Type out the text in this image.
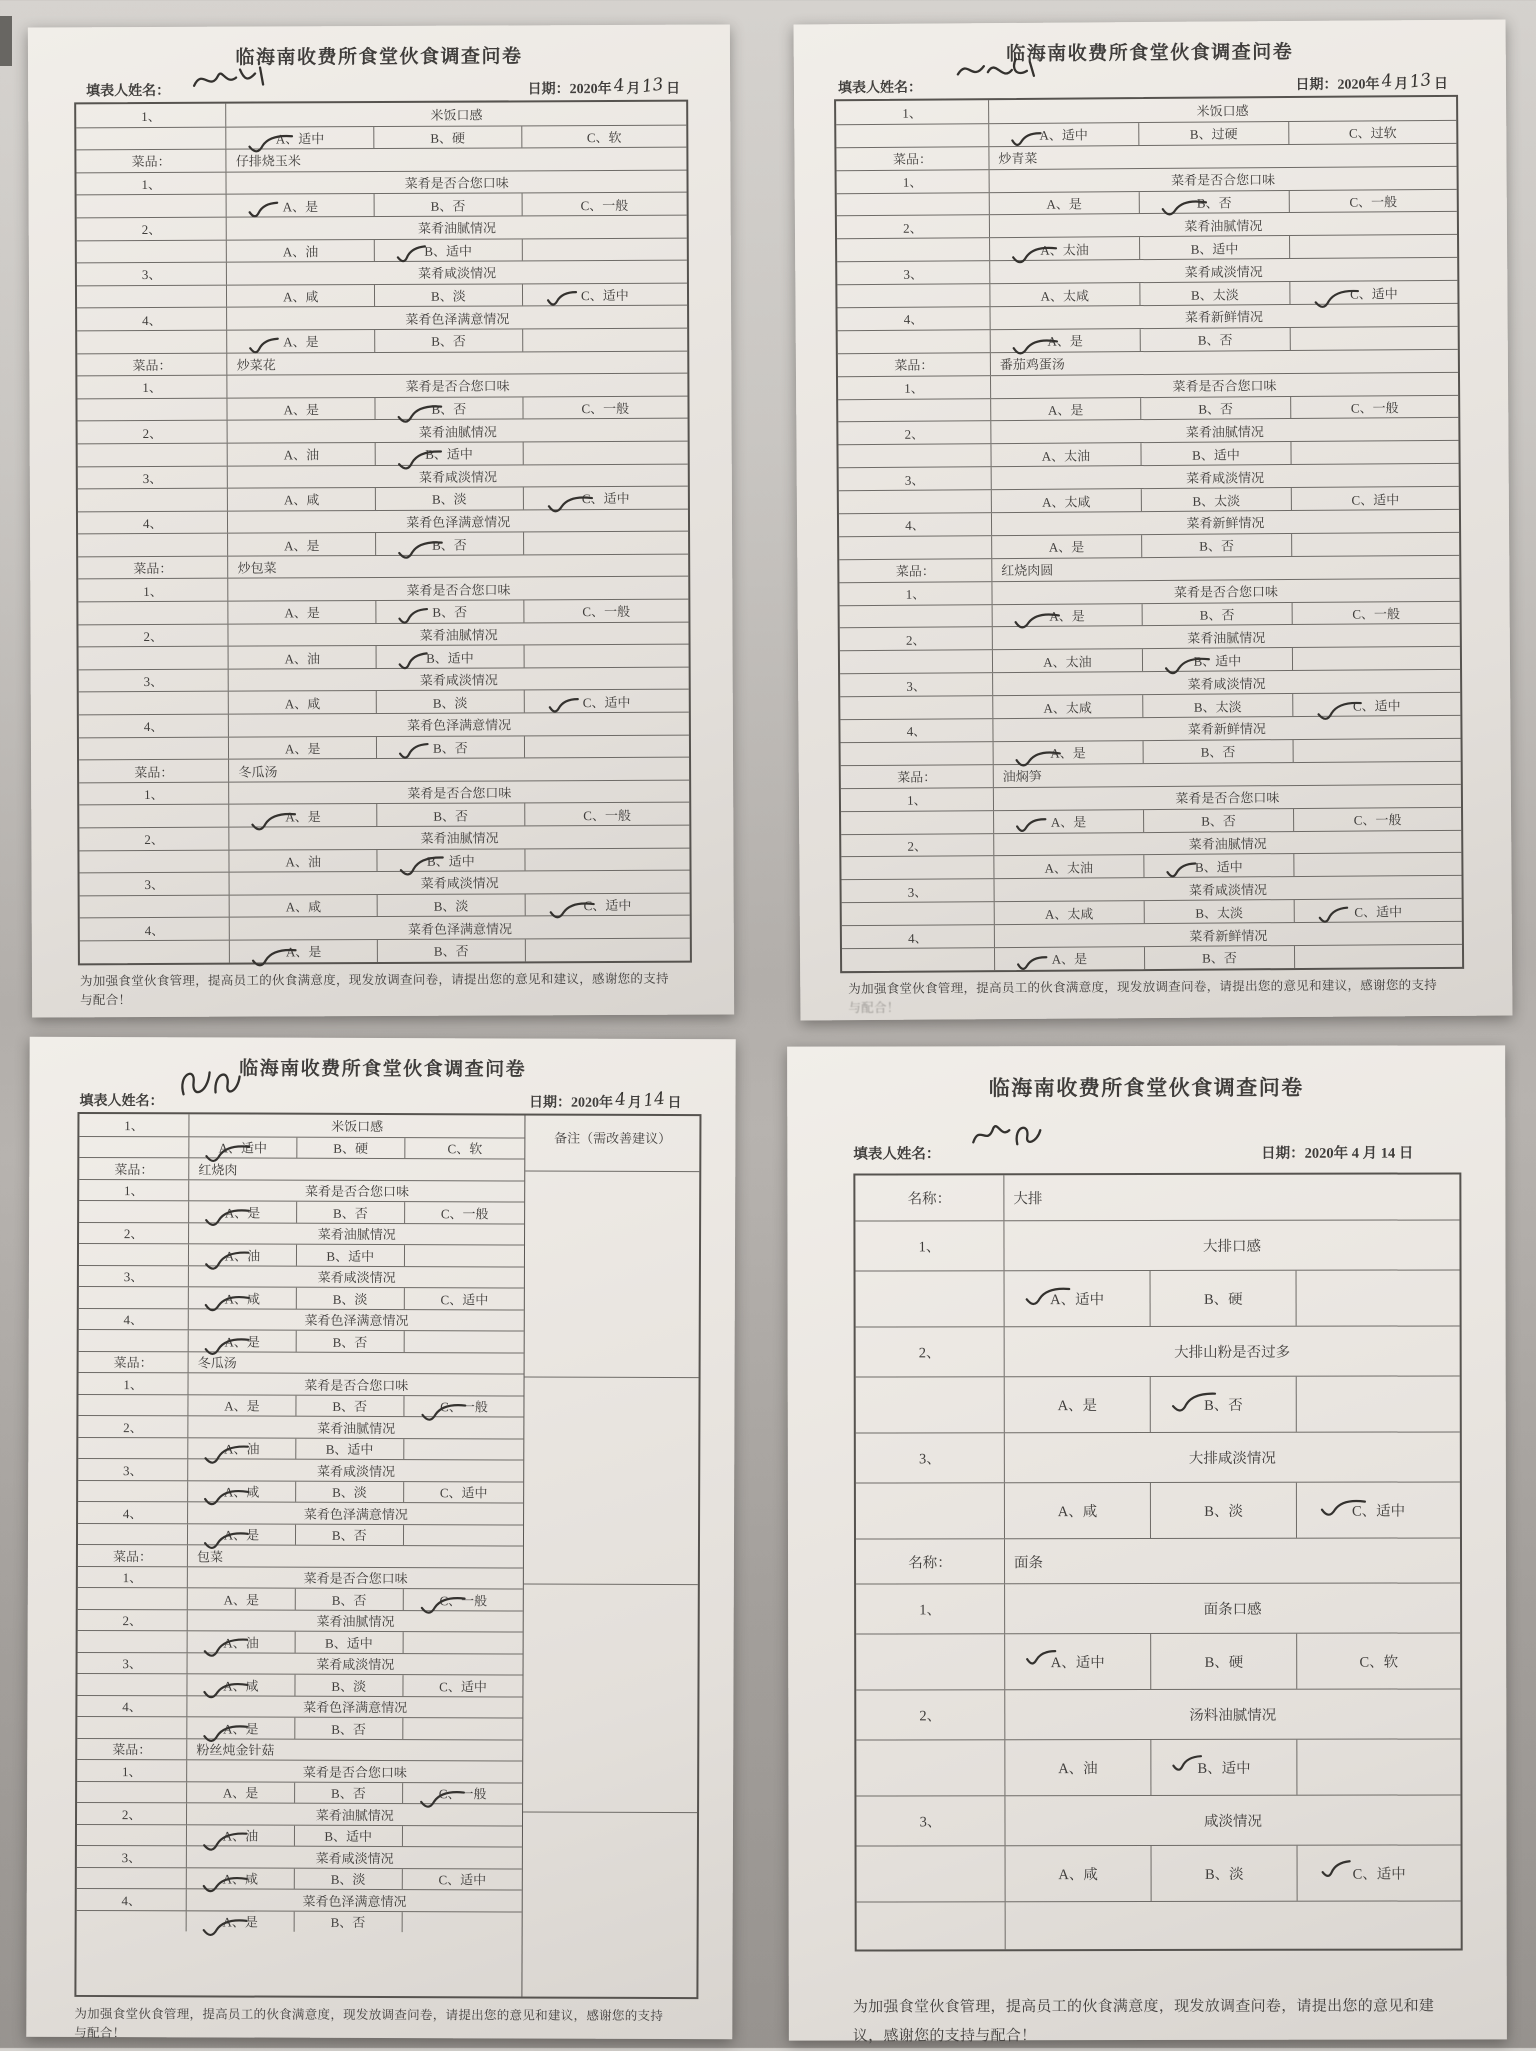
临海南收费所食堂伙食调查问卷
填表人姓名：	日期：2020年4月13日
1、	米饭口感
A、适中	B、硬	C、软
菜品：	仔排烧玉米
1、	菜肴是否合您口味
A、是	B、否	C、一般
2、	菜肴油腻情况
A、油	B、适中
3、	菜肴咸淡情况
A、咸	B、淡	C、适中
4、	菜肴色泽满意情况
A、是	B、否
菜品：	炒菜花
1、	菜肴是否合您口味
A、是	B、否	C、一般
2、	菜肴油腻情况
A、油	B、适中
3、	菜肴咸淡情况
A、咸	B、淡	C、适中
4、	菜肴色泽满意情况
A、是	B、否
菜品：	炒包菜
1、	菜肴是否合您口味
A、是	B、否	C、一般
2、	菜肴油腻情况
A、油	B、适中
3、	菜肴咸淡情况
A、咸	B、淡	C、适中
4、	菜肴色泽满意情况
A、是	B、否
菜品：	冬瓜汤
1、	菜肴是否合您口味
A、是	B、否	C、一般
2、	菜肴油腻情况
A、油	B、适中
3、	菜肴咸淡情况
A、咸	B、淡	C、适中
4、	菜肴色泽满意情况
A、是	B、否

为加强食堂伙食管理，提高员工的伙食满意度，现发放调查问卷，请提出您的意见和建议，感谢您的支持
与配合！

临海南收费所食堂伙食调查问卷
填表人姓名：	日期：2020年4月13日
1、	米饭口感
A、适中	B、过硬	C、过软
菜品：	炒青菜
1、	菜肴是否合您口味
A、是	B、否	C、一般
2、	菜肴油腻情况
A、太油	B、适中
3、	菜肴咸淡情况
A、太咸	B、太淡	C、适中
4、	菜肴新鲜情况
A、是	B、否
菜品：	番茄鸡蛋汤
1、	菜肴是否合您口味
A、是	B、否	C、一般
2、	菜肴油腻情况
A、太油	B、适中
3、	菜肴咸淡情况
A、太咸	B、太淡	C、适中
4、	菜肴新鲜情况
A、是	B、否
菜品：	红烧肉圆
1、	菜肴是否合您口味
A、是	B、否	C、一般
2、	菜肴油腻情况
A、太油	B、适中
3、	菜肴咸淡情况
A、太咸	B、太淡	C、适中
4、	菜肴新鲜情况
A、是	B、否
菜品：	油焖笋
1、	菜肴是否合您口味
A、是	B、否	C、一般
2、	菜肴油腻情况
A、太油	B、适中
3、	菜肴咸淡情况
A、太咸	B、太淡	C、适中
4、	菜肴新鲜情况
A、是	B、否

为加强食堂伙食管理，提高员工的伙食满意度，现发放调查问卷，请提出您的意见和建议，感谢您的支持
与配合！

临海南收费所食堂伙食调查问卷
填表人姓名：	日期：2020年4月14日
1、	米饭口感
A、适中	B、硬	C、软
菜品：	红烧肉
1、	菜肴是否合您口味
A、是	B、否	C、一般
2、	菜肴油腻情况
A、油	B、适中
3、	菜肴咸淡情况
A、咸	B、淡	C、适中
4、	菜肴色泽满意情况
A、是	B、否
菜品：	冬瓜汤
1、	菜肴是否合您口味
A、是	B、否	C、一般
2、	菜肴油腻情况
A、油	B、适中
3、	菜肴咸淡情况
A、咸	B、淡	C、适中
4、	菜肴色泽满意情况
A、是	B、否
菜品：	包菜
1、	菜肴是否合您口味
A、是	B、否	C、一般
2、	菜肴油腻情况
A、油	B、适中
3、	菜肴咸淡情况
A、咸	B、淡	C、适中
4、	菜肴色泽满意情况
A、是	B、否
菜品：	粉丝炖金针菇
1、	菜肴是否合您口味
A、是	B、否	C、一般
2、	菜肴油腻情况
A、油	B、适中
3、	菜肴咸淡情况
A、咸	B、淡	C、适中
4、	菜肴色泽满意情况
A、是	B、否
备注（需改善建议）

为加强食堂伙食管理，提高员工的伙食满意度，现发放调查问卷，请提出您的意见和建议，感谢您的支持
与配合！

临海南收费所食堂伙食调查问卷
填表人姓名：	日期：2020年 4 月 14 日
名称：	大排
1、	大排口感
A、适中	B、硬
2、	大排山粉是否过多
A、是	B、否
3、	大排咸淡情况
A、咸	B、淡	C、适中
名称：	面条
1、	面条口感
A、适中	B、硬	C、软
2、	汤料油腻情况
A、油	B、适中
3、	咸淡情况
A、咸	B、淡	C、适中

为加强食堂伙食管理，提高员工的伙食满意度，现发放调查问卷，请提出您的意见和建
议，感谢您的支持与配合！
